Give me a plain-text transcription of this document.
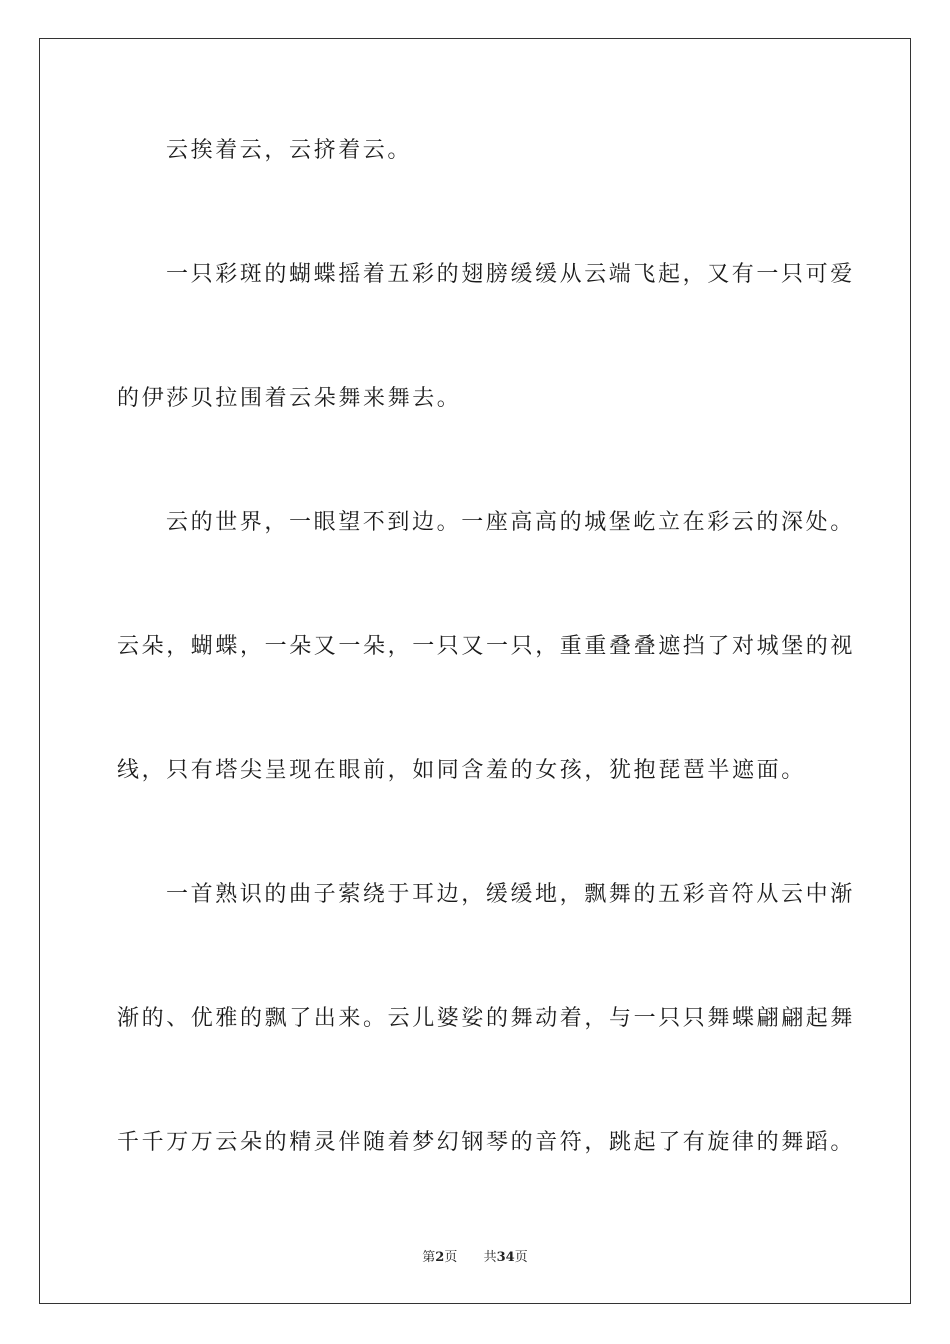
云挨着云，云挤着云。
一只彩斑的蝴蝶摇着五彩的翅膀缓缓从云端飞起，又有一只可爱
的伊莎贝拉围着云朵舞来舞去。
云的世界，一眼望不到边。一座高高的城堡屹立在彩云的深处。
云朵，蝴蝶，一朵又一朵，一只又一只，重重叠叠遮挡了对城堡的视
线，只有塔尖呈现在眼前，如同含羞的女孩，犹抱琵琶半遮面。
一首熟识的曲子萦绕于耳边，缓缓地，飘舞的五彩音符从云中渐
渐的、优雅的飘了出来。云儿婆娑的舞动着，与一只只舞蝶翩翩起舞
千千万万云朵的精灵伴随着梦幻钢琴的音符，跳起了有旋律的舞蹈。
第2页 共34页
